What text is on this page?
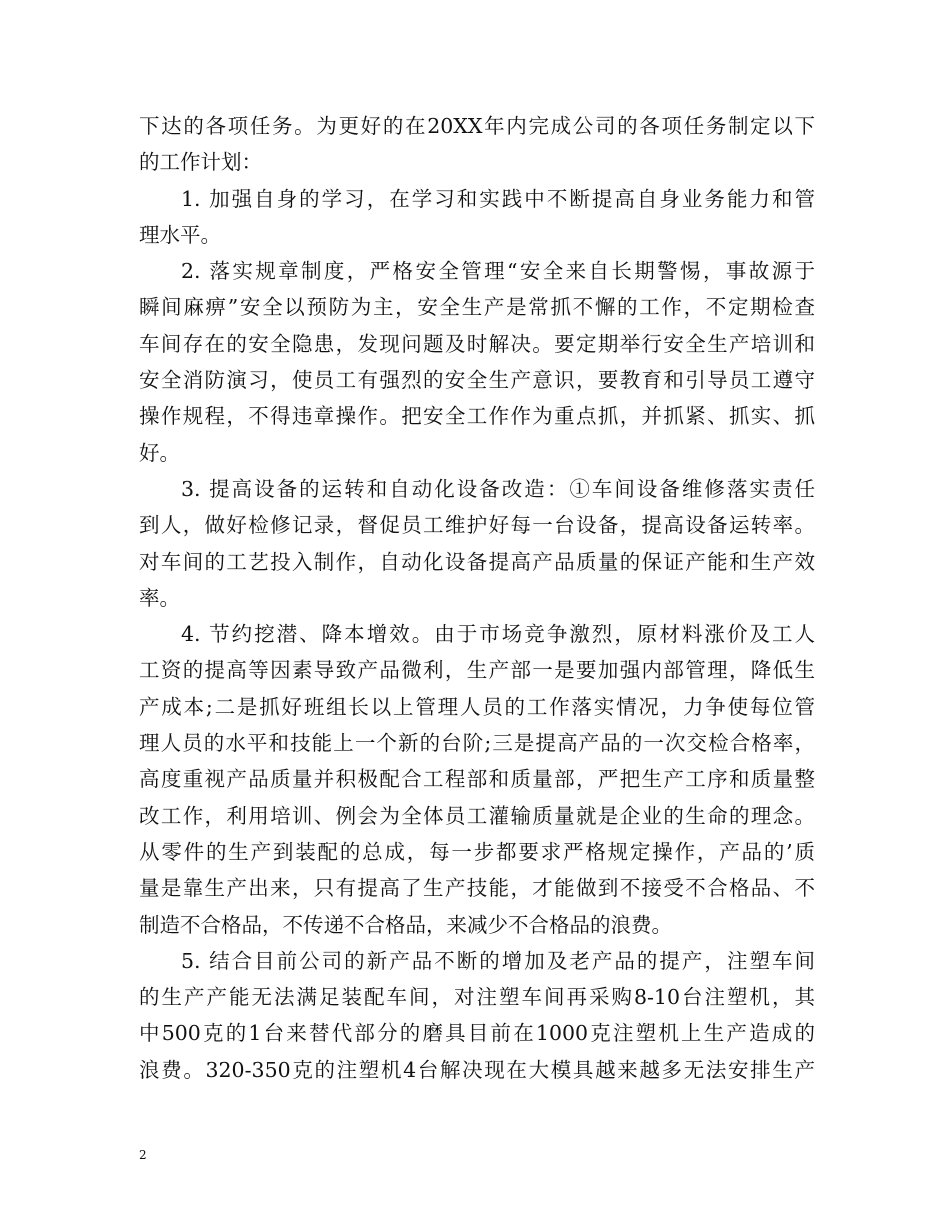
下达的各项任务。为更好的在20XX年内完成公司的各项任务制定以下
的工作计划：
1. 加强自身的学习，在学习和实践中不断提高自身业务能力和管
理水平。
2. 落实规章制度，严格安全管理“安全来自长期警惕，事故源于
瞬间麻痹”安全以预防为主，安全生产是常抓不懈的工作，不定期检查
车间存在的安全隐患，发现问题及时解决。要定期举行安全生产培训和
安全消防演习，使员工有强烈的安全生产意识，要教育和引导员工遵守
操作规程，不得违章操作。把安全工作作为重点抓，并抓紧、抓实、抓
好。
3. 提高设备的运转和自动化设备改造：①车间设备维修落实责任
到人，做好检修记录，督促员工维护好每一台设备，提高设备运转率。
对车间的工艺投入制作，自动化设备提高产品质量的保证产能和生产效
率。
4. 节约挖潜、降本增效。由于市场竞争激烈，原材料涨价及工人
工资的提高等因素导致产品微利，生产部一是要加强内部管理，降低生
产成本;二是抓好班组长以上管理人员的工作落实情况，力争使每位管
理人员的水平和技能上一个新的台阶;三是提高产品的一次交检合格率，
高度重视产品质量并积极配合工程部和质量部，严把生产工序和质量整
改工作，利用培训、例会为全体员工灌输质量就是企业的生命的理念。
从零件的生产到装配的总成，每一步都要求严格规定操作，产品的’质
量是靠生产出来，只有提高了生产技能，才能做到不接受不合格品、不
制造不合格品，不传递不合格品，来减少不合格品的浪费。
5. 结合目前公司的新产品不断的增加及老产品的提产，注塑车间
的生产产能无法满足装配车间，对注塑车间再采购8-10台注塑机，其
中500克的1台来替代部分的磨具目前在1000克注塑机上生产造成的
浪费。320-350克的注塑机4台解决现在大模具越来越多无法安排生产
2
